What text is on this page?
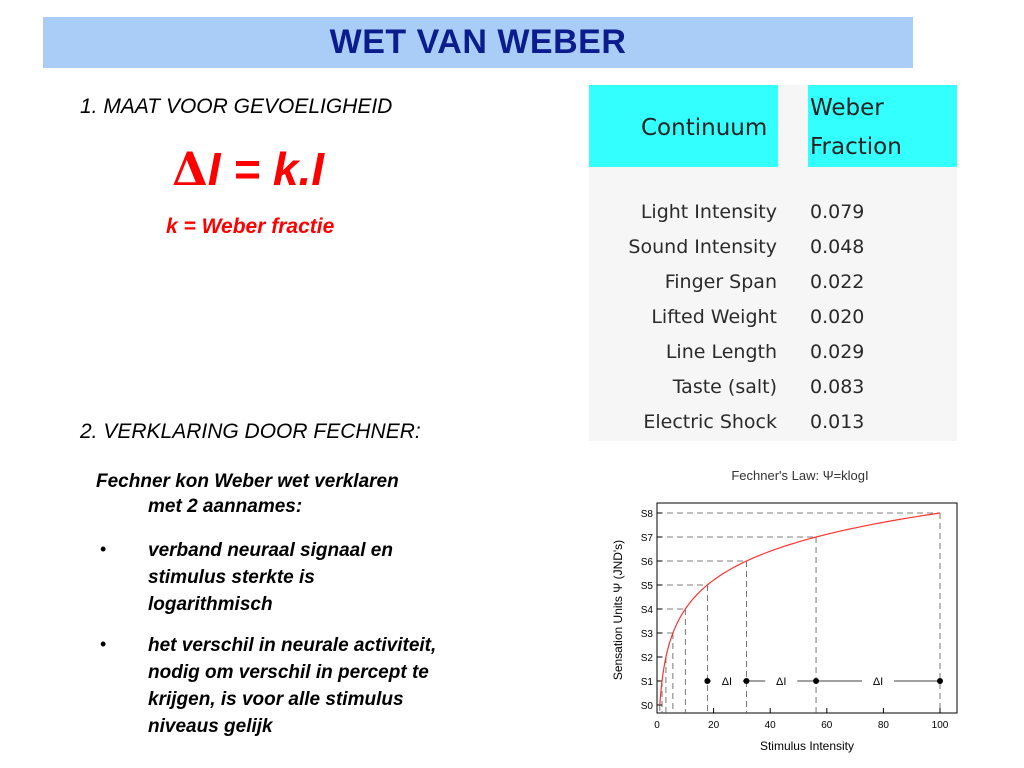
WET VAN WEBER
1. MAAT VOOR GEVOELIGHEID
ΔI = k.I
k = Weber fractie
2. VERKLARING DOOR FECHNER:
Fechner kon Weber wet verklaren
met 2 aannames:
• verband neuraal signaal en
stimulus sterkte is
logarithmisch
• het verschil in neurale activiteit,
nodig om verschil in percept te
krijgen, is voor alle stimulus
niveaus gelijk
Continuum
Weber
Fraction
Light Intensity 0.079
Sound Intensity 0.048
Finger Span 0.022
Lifted Weight 0.020
Line Length 0.029
Taste (salt) 0.083
Electric Shock 0.013
Fechner's Law: Ψ=klogI
S0
S1
S2
S3
S4
S5
S6
S7
S8
0	20	40	60	80	100
ΔI	ΔI	ΔI
Stimulus Intensity
Sensation Units Ψ (JND's)
